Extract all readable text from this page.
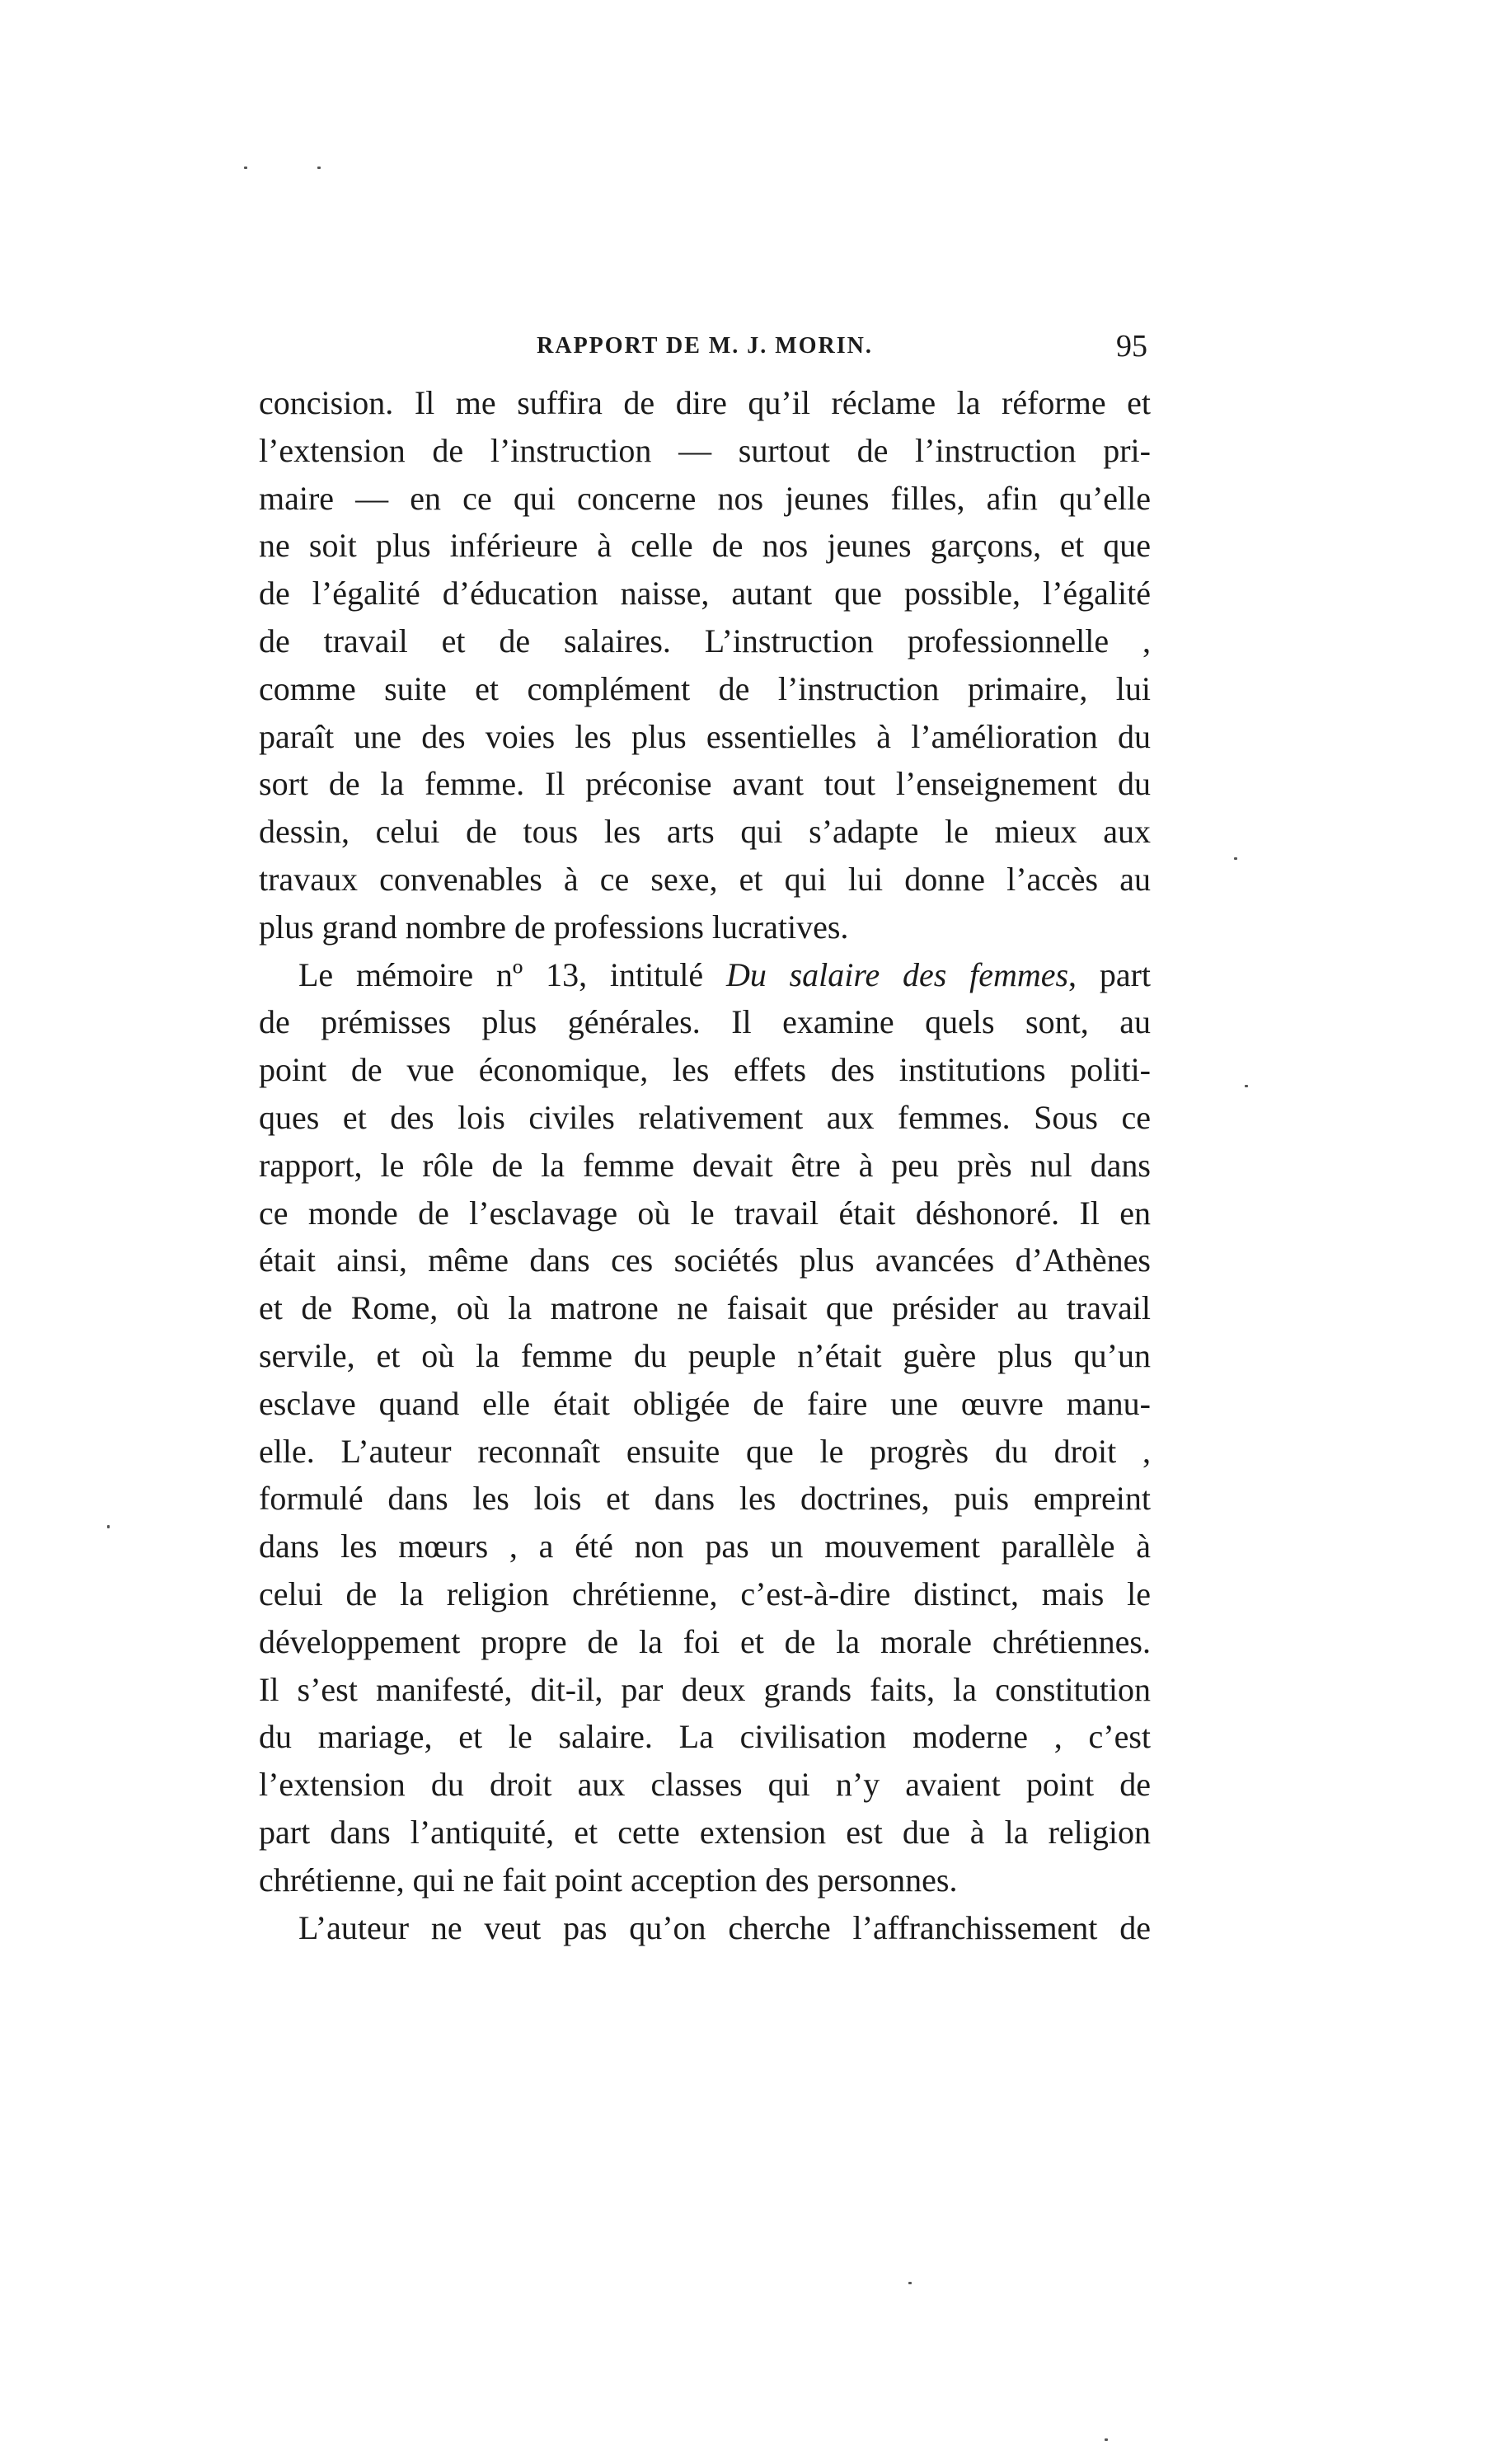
RAPPORT DE M. J. MORIN.	95
concision. Il me suffira de dire qu’il réclame la réforme et
l’extension de l’instruction — surtout de l’instruction pri-
maire — en ce qui concerne nos jeunes filles, afin qu’elle
ne soit plus inférieure à celle de nos jeunes garçons, et que
de l’égalité d’éducation naisse, autant que possible, l’égalité
de travail et de salaires. L’instruction professionnelle ,
comme suite et complément de l’instruction primaire, lui
paraît une des voies les plus essentielles à l’amélioration du
sort de la femme. Il préconise avant tout l’enseignement du
dessin, celui de tous les arts qui s’adapte le mieux aux
travaux convenables à ce sexe, et qui lui donne l’accès au
plus grand nombre de professions lucratives.
Le mémoire nº 13, intitulé Du salaire des femmes, part
de prémisses plus générales. Il examine quels sont, au
point de vue économique, les effets des institutions politi-
ques et des lois civiles relativement aux femmes. Sous ce
rapport, le rôle de la femme devait être à peu près nul dans
ce monde de l’esclavage où le travail était déshonoré. Il en
était ainsi, même dans ces sociétés plus avancées d’Athènes
et de Rome, où la matrone ne faisait que présider au travail
servile, et où la femme du peuple n’était guère plus qu’un
esclave quand elle était obligée de faire une œuvre manu-
elle. L’auteur reconnaît ensuite que le progrès du droit ,
formulé dans les lois et dans les doctrines, puis empreint
dans les mœurs , a été non pas un mouvement parallèle à
celui de la religion chrétienne, c’est-à-dire distinct, mais le
développement propre de la foi et de la morale chrétiennes.
Il s’est manifesté, dit-il, par deux grands faits, la constitution
du mariage, et le salaire. La civilisation moderne , c’est
l’extension du droit aux classes qui n’y avaient point de
part dans l’antiquité, et cette extension est due à la religion
chrétienne, qui ne fait point acception des personnes.
L’auteur ne veut pas qu’on cherche l’affranchissement de
